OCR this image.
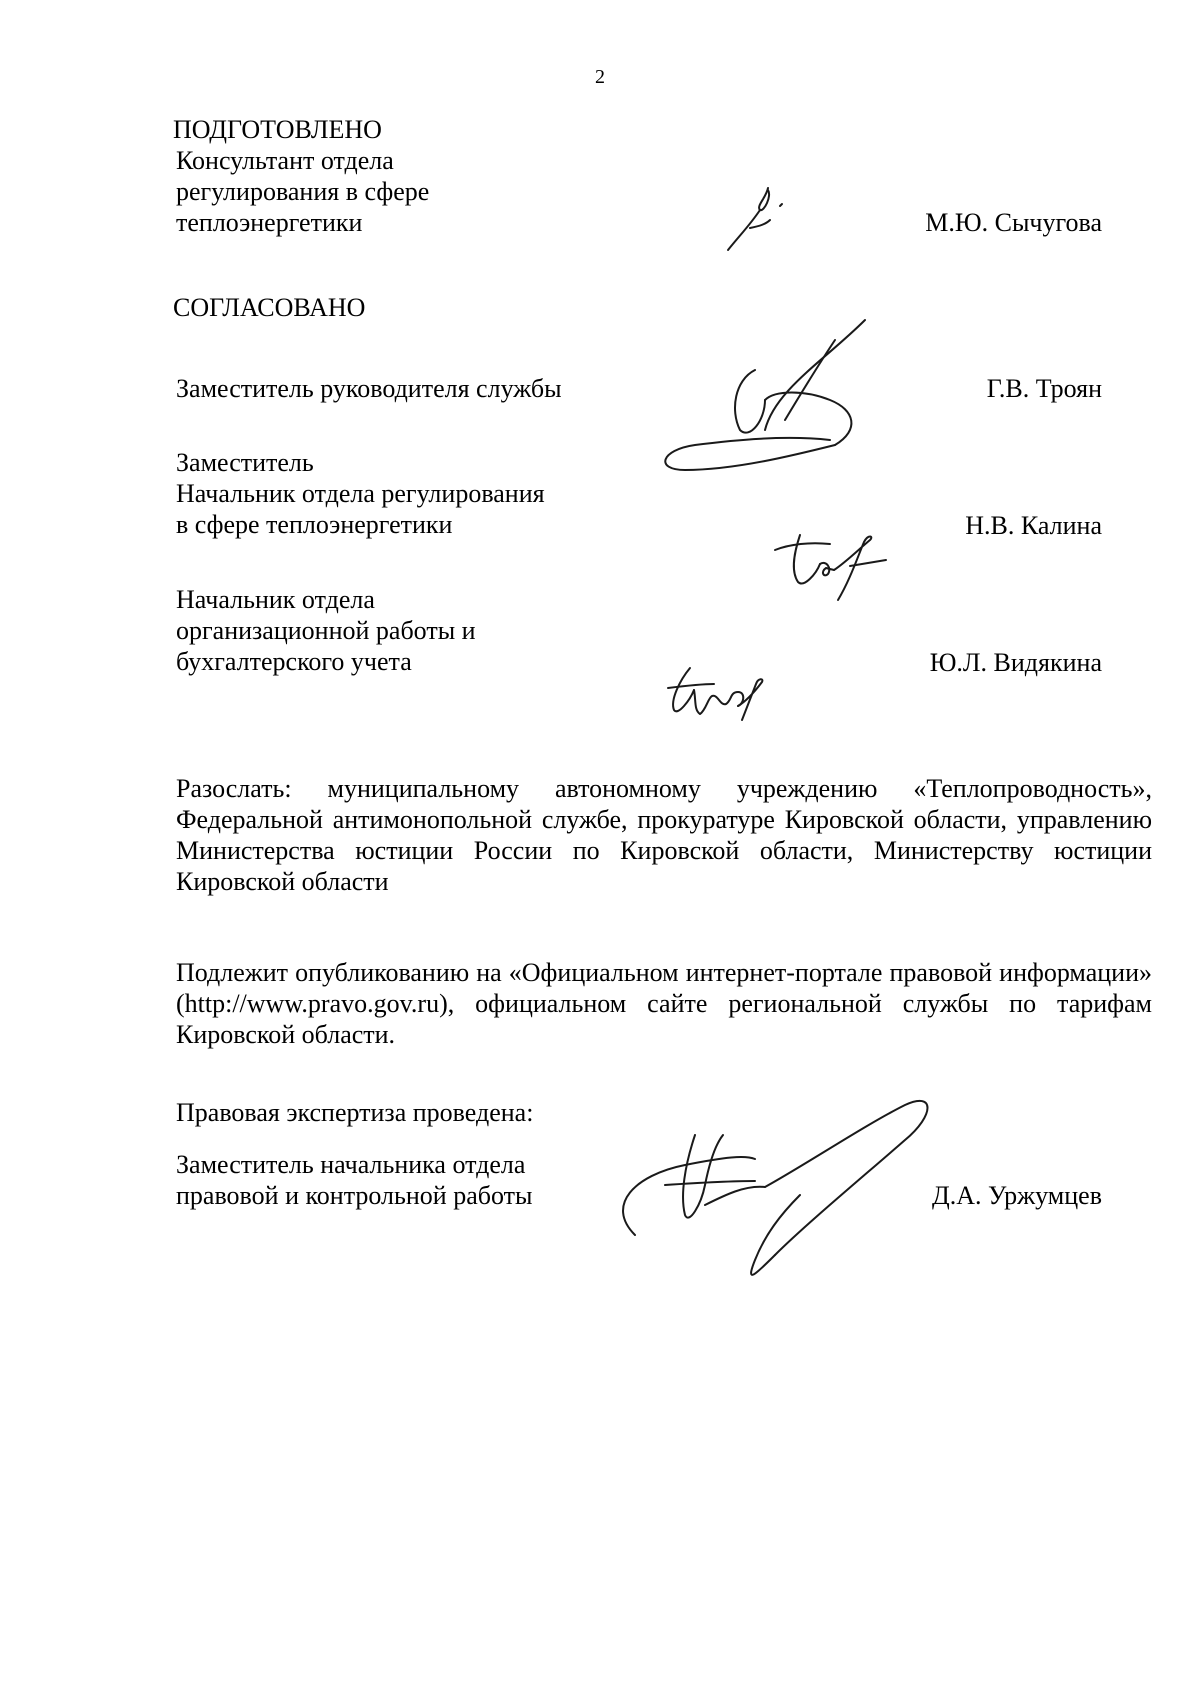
2
ПОДГОТОВЛЕНО
Консультант отдела
регулирования в сфере
теплоэнергетики	М.Ю. Сычугова
СОГЛАСОВАНО
Заместитель руководителя службы	Г.В. Троян
Заместитель
Начальник отдела регулирования
в сфере теплоэнергетики	Н.В. Калина
Начальник отдела
организационной работы и
бухгалтерского учета	Ю.Л. Видякина
Разослать: муниципальному автономному учреждению «Теплопроводность», Федеральной антимонопольной службе, прокуратуре Кировской области, управлению Министерства юстиции России по Кировской области, Министерству юстиции Кировской области
Подлежит опубликованию на «Официальном интернет-портале правовой информации» (http://www.pravo.gov.ru), официальном сайте региональной службы по тарифам Кировской области.
Правовая экспертиза проведена:
Заместитель начальника отдела
правовой и контрольной работы	Д.А. Уржумцев
